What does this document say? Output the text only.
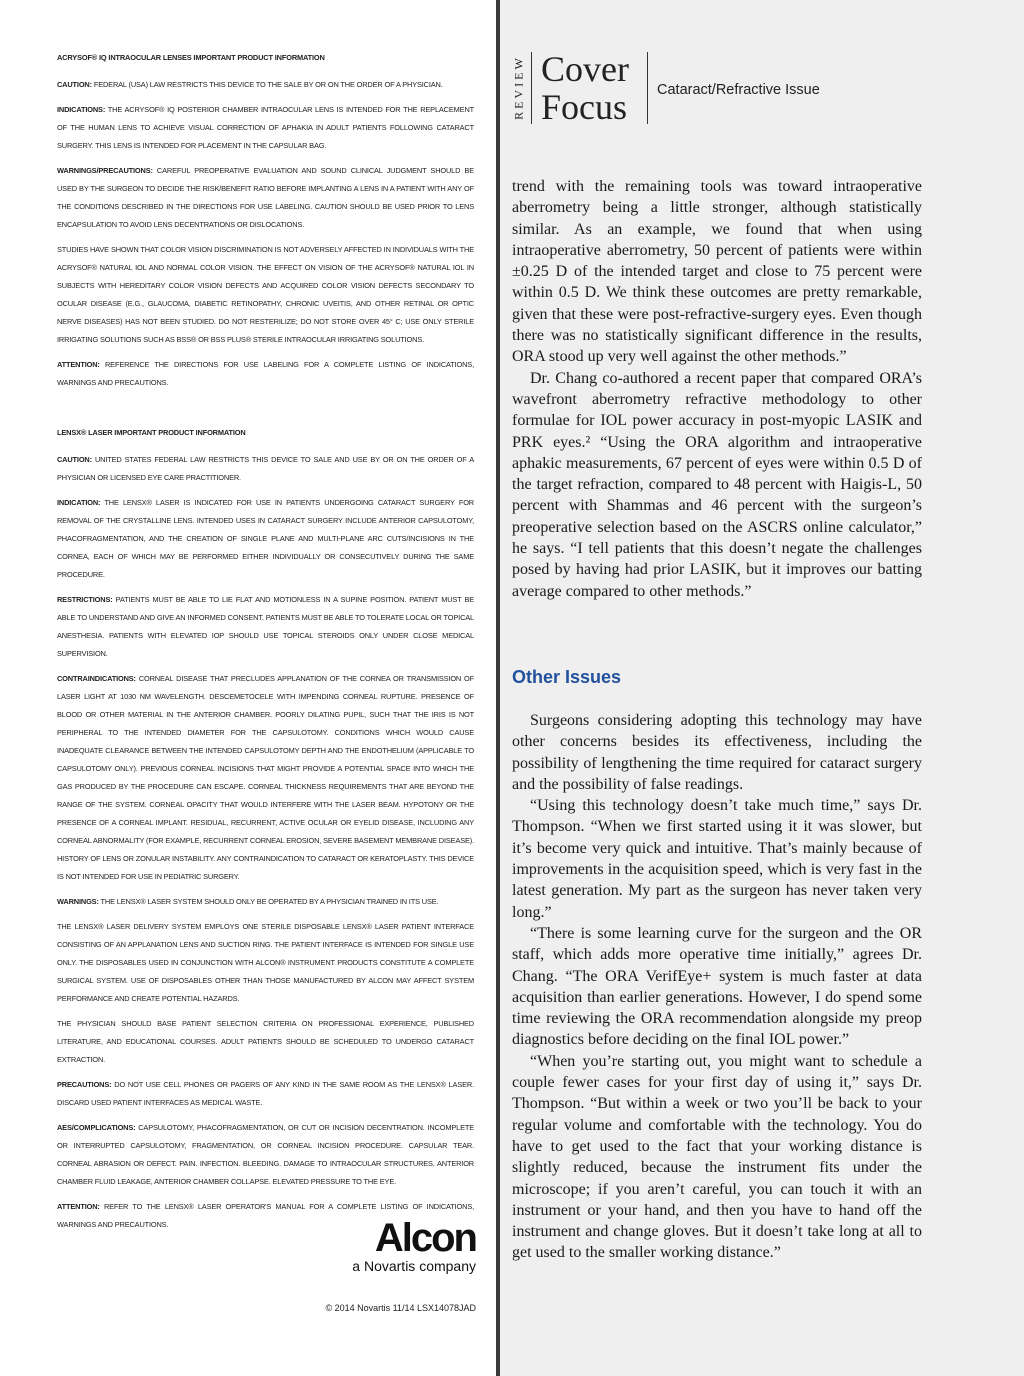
ACRYSOF® IQ INTRAOCULAR LENSES IMPORTANT PRODUCT INFORMATION

CAUTION: FEDERAL (USA) LAW RESTRICTS THIS DEVICE TO THE SALE BY OR ON THE ORDER OF A PHYSICIAN.

INDICATIONS: THE ACRYSOF® IQ POSTERIOR CHAMBER INTRAOCULAR LENS IS INTENDED FOR THE REPLACEMENT OF THE HUMAN LENS TO ACHIEVE VISUAL CORRECTION OF APHAKIA IN ADULT PATIENTS FOLLOWING CATARACT SURGERY. THIS LENS IS INTENDED FOR PLACEMENT IN THE CAPSULAR BAG.

WARNINGS/PRECAUTIONS: CAREFUL PREOPERATIVE EVALUATION AND SOUND CLINICAL JUDGMENT SHOULD BE USED BY THE SURGEON TO DECIDE THE RISK/BENEFIT RATIO BEFORE IMPLANTING A LENS IN A PATIENT WITH ANY OF THE CONDITIONS DESCRIBED IN THE DIRECTIONS FOR USE LABELING. CAUTION SHOULD BE USED PRIOR TO LENS ENCAPSULATION TO AVOID LENS DECENTRATIONS OR DISLOCATIONS.

STUDIES HAVE SHOWN THAT COLOR VISION DISCRIMINATION IS NOT ADVERSELY AFFECTED IN INDIVIDUALS WITH THE ACRYSOF® NATURAL IOL AND NORMAL COLOR VISION. THE EFFECT ON VISION OF THE ACRYSOF® NATURAL IOL IN SUBJECTS WITH HEREDITARY COLOR VISION DEFECTS AND ACQUIRED COLOR VISION DEFECTS SECONDARY TO OCULAR DISEASE (E.G., GLAUCOMA, DIABETIC RETINOPATHY, CHRONIC UVEITIS, AND OTHER RETINAL OR OPTIC NERVE DISEASES) HAS NOT BEEN STUDIED. DO NOT RESTERILIZE; DO NOT STORE OVER 45° C; USE ONLY STERILE IRRIGATING SOLUTIONS SUCH AS BSS® OR BSS PLUS® STERILE INTRAOCULAR IRRIGATING SOLUTIONS.

ATTENTION: REFERENCE THE DIRECTIONS FOR USE LABELING FOR A COMPLETE LISTING OF INDICATIONS, WARNINGS AND PRECAUTIONS.

LENSX® LASER IMPORTANT PRODUCT INFORMATION

CAUTION: UNITED STATES FEDERAL LAW RESTRICTS THIS DEVICE TO SALE AND USE BY OR ON THE ORDER OF A PHYSICIAN OR LICENSED EYE CARE PRACTITIONER.

INDICATION: THE LENSX® LASER IS INDICATED FOR USE IN PATIENTS UNDERGOING CATARACT SURGERY FOR REMOVAL OF THE CRYSTALLINE LENS. INTENDED USES IN CATARACT SURGERY INCLUDE ANTERIOR CAPSULOTOMY, PHACOFRAGMENTATION, AND THE CREATION OF SINGLE PLANE AND MULTI-PLANE ARC CUTS/INCISIONS IN THE CORNEA, EACH OF WHICH MAY BE PERFORMED EITHER INDIVIDUALLY OR CONSECUTIVELY DURING THE SAME PROCEDURE.

RESTRICTIONS: PATIENTS MUST BE ABLE TO LIE FLAT AND MOTIONLESS IN A SUPINE POSITION. PATIENT MUST BE ABLE TO UNDERSTAND AND GIVE AN INFORMED CONSENT. PATIENTS MUST BE ABLE TO TOLERATE LOCAL OR TOPICAL ANESTHESIA. PATIENTS WITH ELEVATED IOP SHOULD USE TOPICAL STEROIDS ONLY UNDER CLOSE MEDICAL SUPERVISION.

CONTRAINDICATIONS: CORNEAL DISEASE THAT PRECLUDES APPLANATION OF THE CORNEA OR TRANSMISSION OF LASER LIGHT AT 1030 NM WAVELENGTH. DESCEMETOCELE WITH IMPENDING CORNEAL RUPTURE. PRESENCE OF BLOOD OR OTHER MATERIAL IN THE ANTERIOR CHAMBER. POORLY DILATING PUPIL, SUCH THAT THE IRIS IS NOT PERIPHERAL TO THE INTENDED DIAMETER FOR THE CAPSULOTOMY. CONDITIONS WHICH WOULD CAUSE INADEQUATE CLEARANCE BETWEEN THE INTENDED CAPSULOTOMY DEPTH AND THE ENDOTHELIUM (APPLICABLE TO CAPSULOTOMY ONLY). PREVIOUS CORNEAL INCISIONS THAT MIGHT PROVIDE A POTENTIAL SPACE INTO WHICH THE GAS PRODUCED BY THE PROCEDURE CAN ESCAPE. CORNEAL THICKNESS REQUIREMENTS THAT ARE BEYOND THE RANGE OF THE SYSTEM. CORNEAL OPACITY THAT WOULD INTERFERE WITH THE LASER BEAM. HYPOTONY OR THE PRESENCE OF A CORNEAL IMPLANT. RESIDUAL, RECURRENT, ACTIVE OCULAR OR EYELID DISEASE, INCLUDING ANY CORNEAL ABNORMALITY (FOR EXAMPLE, RECURRENT CORNEAL EROSION, SEVERE BASEMENT MEMBRANE DISEASE). HISTORY OF LENS OR ZONULAR INSTABILITY. ANY CONTRAINDICATION TO CATARACT OR KERATOPLASTY. THIS DEVICE IS NOT INTENDED FOR USE IN PEDIATRIC SURGERY.

WARNINGS: THE LENSX® LASER SYSTEM SHOULD ONLY BE OPERATED BY A PHYSICIAN TRAINED IN ITS USE.

THE LENSX® LASER DELIVERY SYSTEM EMPLOYS ONE STERILE DISPOSABLE LENSX® LASER PATIENT INTERFACE CONSISTING OF AN APPLANATION LENS AND SUCTION RING. THE PATIENT INTERFACE IS INTENDED FOR SINGLE USE ONLY. THE DISPOSABLES USED IN CONJUNCTION WITH ALCON® INSTRUMENT PRODUCTS CONSTITUTE A COMPLETE SURGICAL SYSTEM. USE OF DISPOSABLES OTHER THAN THOSE MANUFACTURED BY ALCON MAY AFFECT SYSTEM PERFORMANCE AND CREATE POTENTIAL HAZARDS.

THE PHYSICIAN SHOULD BASE PATIENT SELECTION CRITERIA ON PROFESSIONAL EXPERIENCE, PUBLISHED LITERATURE, AND EDUCATIONAL COURSES. ADULT PATIENTS SHOULD BE SCHEDULED TO UNDERGO CATARACT EXTRACTION.

PRECAUTIONS: DO NOT USE CELL PHONES OR PAGERS OF ANY KIND IN THE SAME ROOM AS THE LENSX® LASER. DISCARD USED PATIENT INTERFACES AS MEDICAL WASTE.

AES/COMPLICATIONS: CAPSULOTOMY, PHACOFRAGMENTATION, OR CUT OR INCISION DECENTRATION. INCOMPLETE OR INTERRUPTED CAPSULOTOMY, FRAGMENTATION, OR CORNEAL INCISION PROCEDURE. CAPSULAR TEAR. CORNEAL ABRASION OR DEFECT. PAIN. INFECTION. BLEEDING. DAMAGE TO INTRAOCULAR STRUCTURES. ANTERIOR CHAMBER FLUID LEAKAGE, ANTERIOR CHAMBER COLLAPSE. ELEVATED PRESSURE TO THE EYE.

ATTENTION: REFER TO THE LENSX® LASER OPERATOR'S MANUAL FOR A COMPLETE LISTING OF INDICATIONS, WARNINGS AND PRECAUTIONS.	Alcon
a Novartis company
© 2014 Novartis 11/14 LSX14078JAD
REVIEW Cover
Focus Cataract/Refractive Issue

trend with the remaining tools was toward intraoperative aberrometry being a little stronger, although statistically similar. As an example, we found that when using intraoperative aberrometry, 50 percent of patients were within ±0.25 D of the intended target and close to 75 percent were within 0.5 D. We think these outcomes are pretty remarkable, given that these were post-refractive-surgery eyes. Even though there was no statistically significant difference in the results, ORA stood up very well against the other methods.”

Dr. Chang co-authored a recent paper that compared ORA’s wavefront aberrometry refractive methodology to other formulae for IOL power accuracy in post-myopic LASIK and PRK eyes.² “Using the ORA algorithm and intraoperative aphakic measurements, 67 percent of eyes were within 0.5 D of the target refraction, compared to 48 percent with Haigis-L, 50 percent with Shammas and 46 percent with the surgeon’s preoperative selection based on the ASCRS online calculator,” he says. “I tell patients that this doesn’t negate the challenges posed by having had prior LASIK, but it improves our batting average compared to other methods.”

Other Issues

Surgeons considering adopting this technology may have other concerns besides its effectiveness, including the possibility of lengthening the time required for cataract surgery and the possibility of false readings.

“Using this technology doesn’t take much time,” says Dr. Thompson. “When we first started using it it was slower, but it’s become very quick and intuitive. That’s mainly because of improvements in the acquisition speed, which is very fast in the latest generation. My part as the surgeon has never taken very long.”

“There is some learning curve for the surgeon and the OR staff, which adds more operative time initially,” agrees Dr. Chang. “The ORA VerifEye+ system is much faster at data acquisition than earlier generations. However, I do spend some time reviewing the ORA recommendation alongside my preop diagnostics before deciding on the final IOL power.”

“When you’re starting out, you might want to schedule a couple fewer cases for your first day of using it,” says Dr. Thompson. “But within a week or two you’ll be back to your regular volume and comfortable with the technology. You do have to get used to the fact that your working distance is slightly reduced, because the instrument fits under the microscope; if you aren’t careful, you can touch it with an instrument or your hand, and then you have to hand off the instrument and change gloves. But it doesn’t take long at all to get used to the smaller working distance.”
